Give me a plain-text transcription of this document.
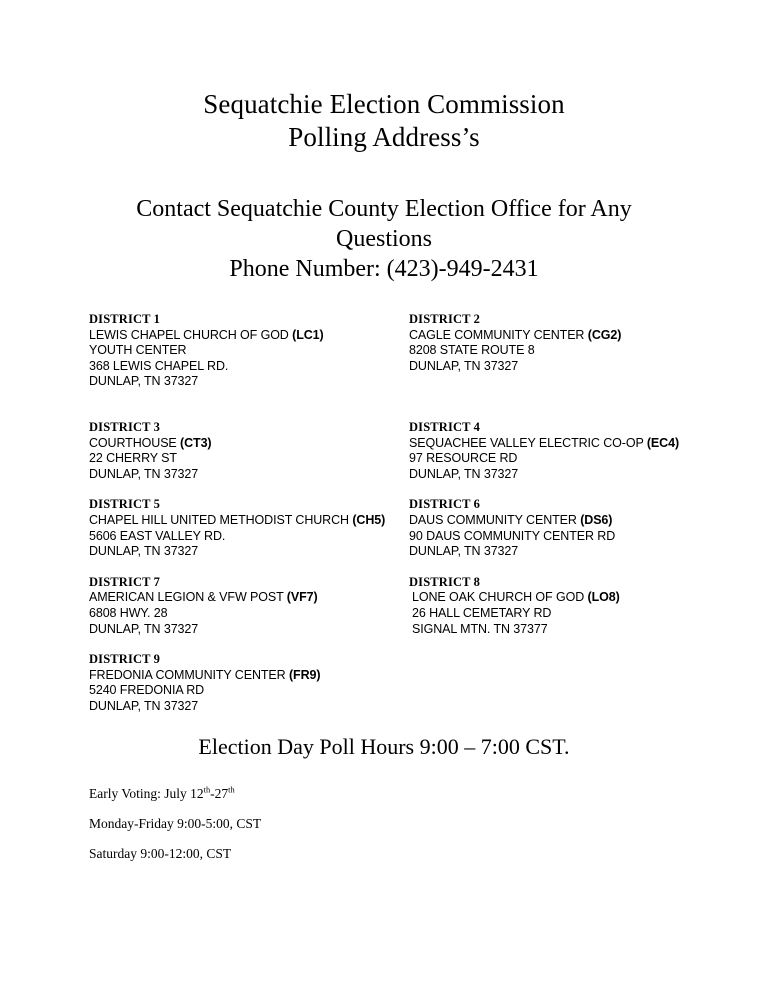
Sequatchie Election Commission
Polling Address’s
Contact Sequatchie County Election Office for Any Questions
Phone Number: (423)-949-2431
DISTRICT 1
LEWIS CHAPEL CHURCH OF GOD (LC1)
YOUTH CENTER
368 LEWIS CHAPEL RD.
DUNLAP, TN 37327
DISTRICT 2
CAGLE COMMUNITY CENTER (CG2)
8208 STATE ROUTE 8
DUNLAP, TN 37327
DISTRICT 3
COURTHOUSE (CT3)
22 CHERRY ST
DUNLAP, TN 37327
DISTRICT 4
SEQUACHEE VALLEY ELECTRIC CO-OP (EC4)
97 RESOURCE RD
DUNLAP, TN 37327
DISTRICT 5
CHAPEL HILL UNITED METHODIST CHURCH (CH5)
5606 EAST VALLEY RD.
DUNLAP, TN 37327
DISTRICT 6
DAUS COMMUNITY CENTER (DS6)
90 DAUS COMMUNITY CENTER RD
DUNLAP, TN 37327
DISTRICT 7
AMERICAN LEGION & VFW POST (VF7)
6808 HWY. 28
DUNLAP, TN 37327
DISTRICT 8
LONE OAK CHURCH OF GOD (LO8)
26 HALL CEMETARY RD
SIGNAL MTN. TN 37377
DISTRICT 9
FREDONIA COMMUNITY CENTER (FR9)
5240 FREDONIA RD
DUNLAP, TN 37327
Election Day Poll Hours 9:00 – 7:00 CST.
Early Voting: July 12th-27th
Monday-Friday 9:00-5:00, CST
Saturday 9:00-12:00, CST
